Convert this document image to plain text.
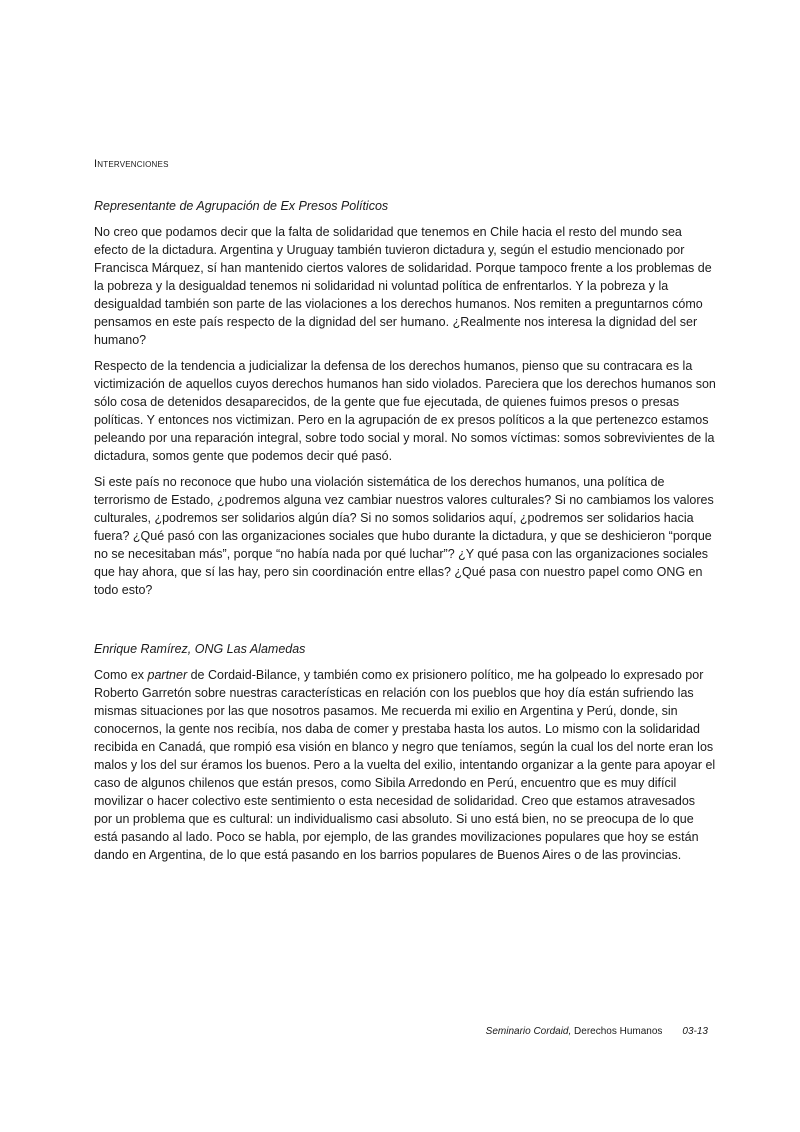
Intervenciones

Representante de Agrupación de Ex Presos Políticos

No creo que podamos decir que la falta de solidaridad que tenemos en Chile hacia el resto del mundo sea efecto de la dictadura. Argentina y Uruguay también tuvieron dictadura y, según el estudio mencionado por Francisca Márquez, sí han mantenido ciertos valores de solidaridad. Porque tampoco frente a los problemas de la pobreza y la desigualdad tenemos ni solidaridad ni voluntad política de enfrentarlos. Y la pobreza y la desigualdad también son parte de las violaciones a los derechos humanos. Nos remiten a preguntarnos cómo pensamos en este país respecto de la dignidad del ser humano. ¿Realmente nos interesa la dignidad del ser humano?

Respecto de la tendencia a judicializar la defensa de los derechos humanos, pienso que su contracara es la victimización de aquellos cuyos derechos humanos han sido violados. Pareciera que los derechos humanos son sólo cosa de detenidos desaparecidos, de la gente que fue ejecutada, de quienes fuimos presos o presas políticas. Y entonces nos victimizan. Pero en la agrupación de ex presos políticos a la que pertenezco estamos peleando por una reparación integral, sobre todo social y moral. No somos víctimas: somos sobrevivientes de la dictadura, somos gente que podemos decir qué pasó.

Si este país no reconoce que hubo una violación sistemática de los derechos humanos, una política de terrorismo de Estado, ¿podremos alguna vez cambiar nuestros valores culturales? Si no cambiamos los valores culturales, ¿podremos ser solidarios algún día? Si no somos solidarios aquí, ¿podremos ser solidarios hacia fuera? ¿Qué pasó con las organizaciones sociales que hubo durante la dictadura, y que se deshicieron “porque no se necesitaban más”, porque “no había nada por qué luchar”? ¿Y qué pasa con las organizaciones sociales que hay ahora, que sí las hay, pero sin coordinación entre ellas? ¿Qué pasa con nuestro papel como ONG en todo esto?

Enrique Ramírez, ONG Las Alamedas

Como ex partner de Cordaid-Bilance, y también como ex prisionero político, me ha golpeado lo expresado por Roberto Garretón sobre nuestras características en relación con los pueblos que hoy día están sufriendo las mismas situaciones por las que nosotros pasamos. Me recuerda mi exilio en Argentina y Perú, donde, sin conocernos, la gente nos recibía, nos daba de comer y prestaba hasta los autos. Lo mismo con la solidaridad recibida en Canadá, que rompió esa visión en blanco y negro que teníamos, según la cual los del norte eran los malos y los del sur éramos los buenos. Pero a la vuelta del exilio, intentando organizar a la gente para apoyar el caso de algunos chilenos que están presos, como Sibila Arredondo en Perú, encuentro que es muy difícil movilizar o hacer colectivo este sentimiento o esta necesidad de solidaridad. Creo que estamos atravesados por un problema que es cultural: un individualismo casi absoluto. Si uno está bien, no se preocupa de lo que está pasando al lado. Poco se habla, por ejemplo, de las grandes movilizaciones populares que hoy se están dando en Argentina, de lo que está pasando en los barrios populares de Buenos Aires o de las provincias.

Seminario Cordaid, Derechos Humanos 03-13
